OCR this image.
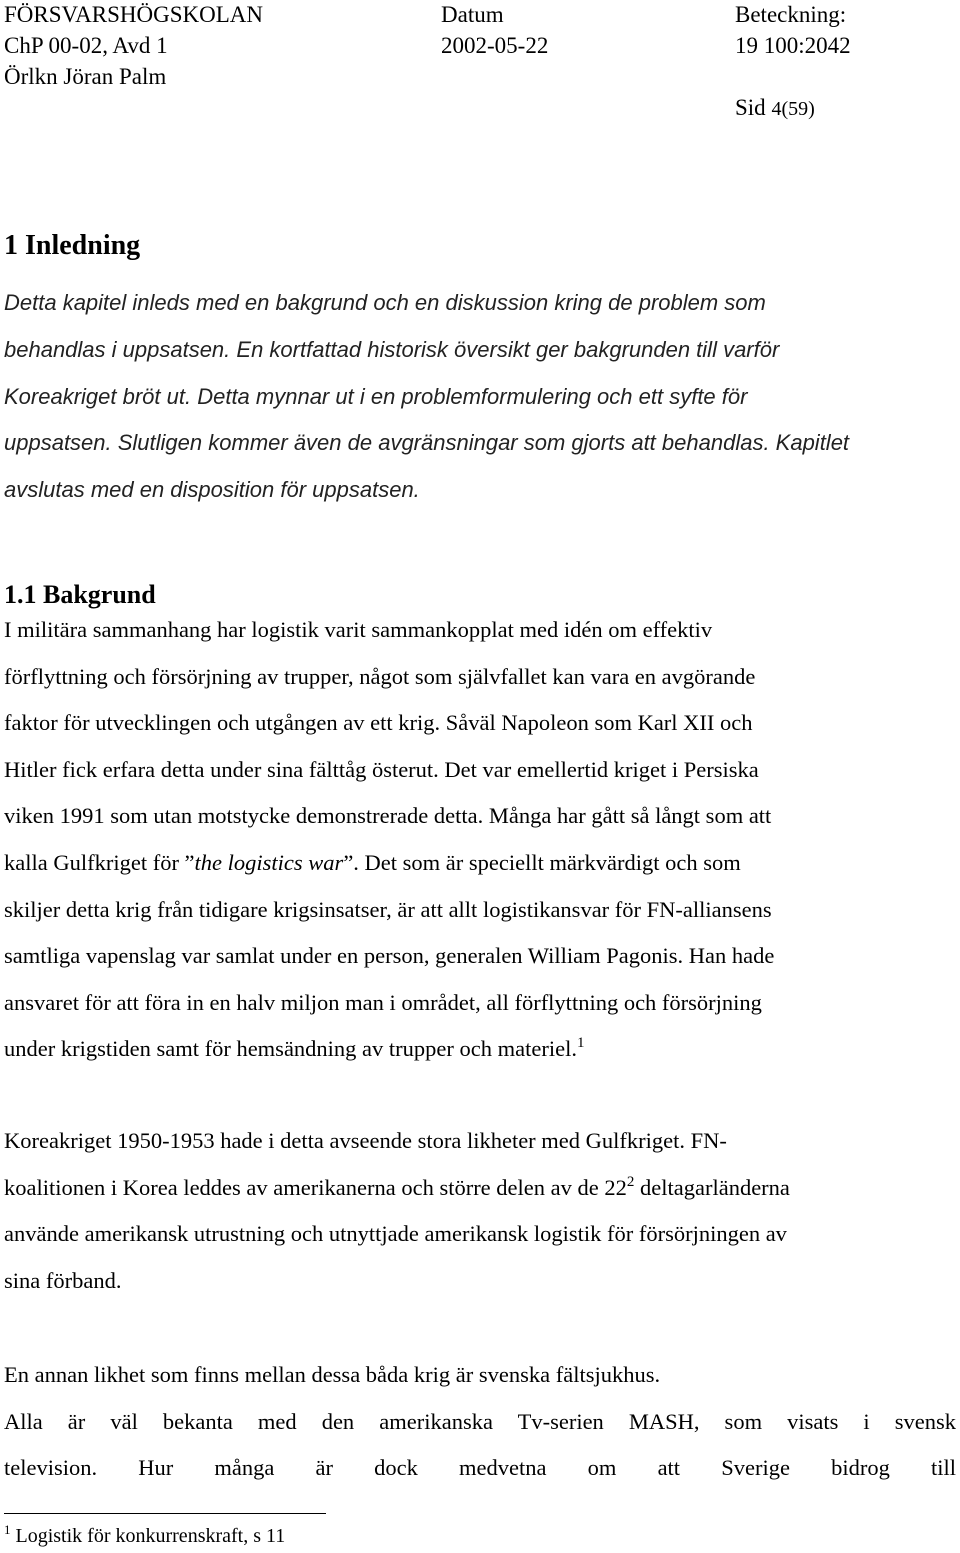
FÖRSVARSHÖGSKOLAN
ChP 00-02, Avd 1
Örlkn Jöran Palm
Datum
2002-05-22
Beteckning:
19 100:2042
Sid 4(59)
1 Inledning
Detta kapitel inleds med en bakgrund och en diskussion kring de problem som
behandlas i uppsatsen. En kortfattad historisk översikt ger bakgrunden till varför
Koreakriget bröt ut. Detta mynnar ut i en problemformulering och ett syfte för
uppsatsen. Slutligen kommer även de avgränsningar som gjorts att behandlas. Kapitlet
avslutas med en disposition för uppsatsen.
1.1 Bakgrund
I militära sammanhang har logistik varit sammankopplat med idén om effektiv
förflyttning och försörjning av trupper, något som självfallet kan vara en avgörande
faktor för utvecklingen och utgången av ett krig. Såväl Napoleon som Karl XII och
Hitler fick erfara detta under sina fälttåg österut. Det var emellertid kriget i Persiska
viken 1991 som utan motstycke demonstrerade detta. Många har gått så långt som att
kalla Gulfkriget för ”the logistics war”. Det som är speciellt märkvärdigt och som
skiljer detta krig från tidigare krigsinsatser, är att allt logistikansvar för FN-alliansens
samtliga vapenslag var samlat under en person, generalen William Pagonis. Han hade
ansvaret för att föra in en halv miljon man i området, all förflyttning och försörjning
under krigstiden samt för hemsändning av trupper och materiel.$^1$
Koreakriget 1950-1953 hade i detta avseende stora likheter med Gulfkriget. FN-
koalitionen i Korea leddes av amerikanerna och större delen av de $22^2$ deltagarländerna
använde amerikansk utrustning och utnyttjade amerikansk logistik för försörjningen av
sina förband.
En annan likhet som finns mellan dessa båda krig är svenska fältsjukhus.
Alla är väl bekanta med den amerikanska Tv-serien MASH, som visats i svensk
television. Hur många är dock medvetna om att Sverige bidrog till
$^1$ Logistik för konkurrenskraft, s 11
